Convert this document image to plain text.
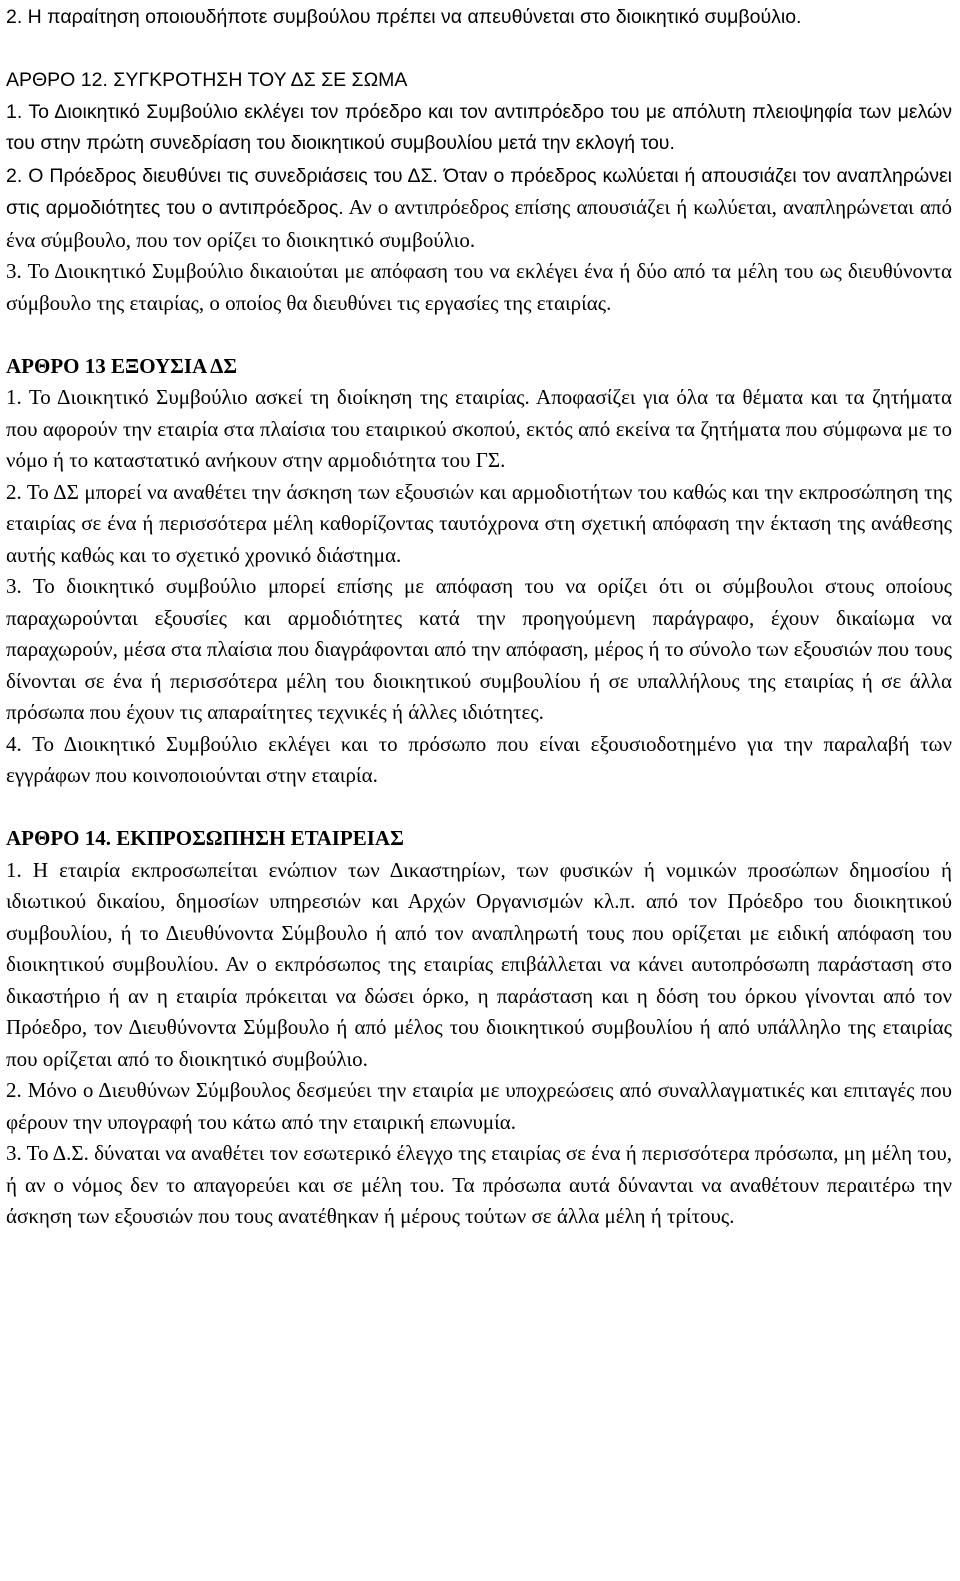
2. Η παραίτηση οποιουδήποτε συμβούλου πρέπει να απευθύνεται στο διοικητικό συμβούλιο.

ΑΡΘΡΟ 12. ΣΥΓΚΡΟΤΗΣΗ ΤΟΥ ΔΣ ΣΕ ΣΩΜΑ

1. Το Διοικητικό Συμβούλιο εκλέγει τον πρόεδρο και τον αντιπρόεδρο του με απόλυτη πλειοψηφία των μελών του στην πρώτη συνεδρίαση του διοικητικού συμβουλίου μετά την εκλογή του.

2. Ο Πρόεδρος διευθύνει τις συνεδριάσεις του ΔΣ. Όταν ο πρόεδρος κωλύεται ή απουσιάζει τον αναπληρώνει στις αρμοδιότητες του ο αντιπρόεδρος. Αν ο αντιπρόεδρος επίσης απουσιάζει ή κωλύεται, αναπληρώνεται από ένα σύμβουλο, που τον ορίζει το διοικητικό συμβούλιο.

3. Το Διοικητικό Συμβούλιο δικαιούται με απόφαση του να εκλέγει ένα ή δύο από τα μέλη του ως διευθύνοντα σύμβουλο της εταιρίας, ο οποίος θα διευθύνει τις εργασίες της εταιρίας.

ΑΡΘΡΟ 13 ΕΞΟΥΣΙΑ ΔΣ

1. Το Διοικητικό Συμβούλιο ασκεί τη διοίκηση της εταιρίας. Αποφασίζει για όλα τα θέματα και τα ζητήματα που αφορούν την εταιρία στα πλαίσια του εταιρικού σκοπού, εκτός από εκείνα τα ζητήματα που σύμφωνα με το νόμο ή το καταστατικό ανήκουν στην αρμοδιότητα του ΓΣ.

2. Το ΔΣ μπορεί να αναθέτει την άσκηση των εξουσιών και αρμοδιοτήτων του καθώς και την εκπροσώπηση της εταιρίας σε ένα ή περισσότερα μέλη καθορίζοντας ταυτόχρονα στη σχετική απόφαση την έκταση της ανάθεσης αυτής καθώς και το σχετικό χρονικό διάστημα.

3. Το διοικητικό συμβούλιο μπορεί επίσης με απόφαση του να ορίζει ότι οι σύμβουλοι στους οποίους παραχωρούνται εξουσίες και αρμοδιότητες κατά την προηγούμενη παράγραφο, έχουν δικαίωμα να παραχωρούν, μέσα στα πλαίσια που διαγράφονται από την απόφαση, μέρος ή το σύνολο των εξουσιών που τους δίνονται σε ένα ή περισσότερα μέλη του διοικητικού συμβουλίου ή σε υπαλλήλους της εταιρίας ή σε άλλα πρόσωπα που έχουν τις απαραίτητες τεχνικές ή άλλες ιδιότητες.

4. Το Διοικητικό Συμβούλιο εκλέγει και το πρόσωπο που είναι εξουσιοδοτημένο για την παραλαβή των εγγράφων που κοινοποιούνται στην εταιρία.

ΑΡΘΡΟ 14. ΕΚΠΡΟΣΩΠΗΣΗ ΕΤΑΙΡΕΙΑΣ

1. Η εταιρία εκπροσωπείται ενώπιον των Δικαστηρίων, των φυσικών ή νομικών προσώπων δημοσίου ή ιδιωτικού δικαίου, δημοσίων υπηρεσιών και Αρχών Οργανισμών κλ.π. από τον Πρόεδρο του διοικητικού συμβουλίου, ή το Διευθύνοντα Σύμβουλο ή από τον αναπληρωτή τους που ορίζεται με ειδική απόφαση του διοικητικού συμβουλίου. Αν ο εκπρόσωπος της εταιρίας επιβάλλεται να κάνει αυτοπρόσωπη παράσταση στο δικαστήριο ή αν η εταιρία πρόκειται να δώσει όρκο, η παράσταση και η δόση του όρκου γίνονται από τον Πρόεδρο, τον Διευθύνοντα Σύμβουλο ή από μέλος του διοικητικού συμβουλίου ή από υπάλληλο της εταιρίας που ορίζεται από το διοικητικό συμβούλιο.

2. Μόνο ο Διευθύνων Σύμβουλος δεσμεύει την εταιρία με υποχρεώσεις από συναλλαγματικές και επιταγές που φέρουν την υπογραφή του κάτω από την εταιρική επωνυμία.

3. Το Δ.Σ. δύναται να αναθέτει τον εσωτερικό έλεγχο της εταιρίας σε ένα ή περισσότερα πρόσωπα, μη μέλη του, ή αν ο νόμος δεν το απαγορεύει και σε μέλη του. Τα πρόσωπα αυτά δύνανται να αναθέτουν περαιτέρω την άσκηση των εξουσιών που τους ανατέθηκαν ή μέρους τούτων σε άλλα μέλη ή τρίτους.
